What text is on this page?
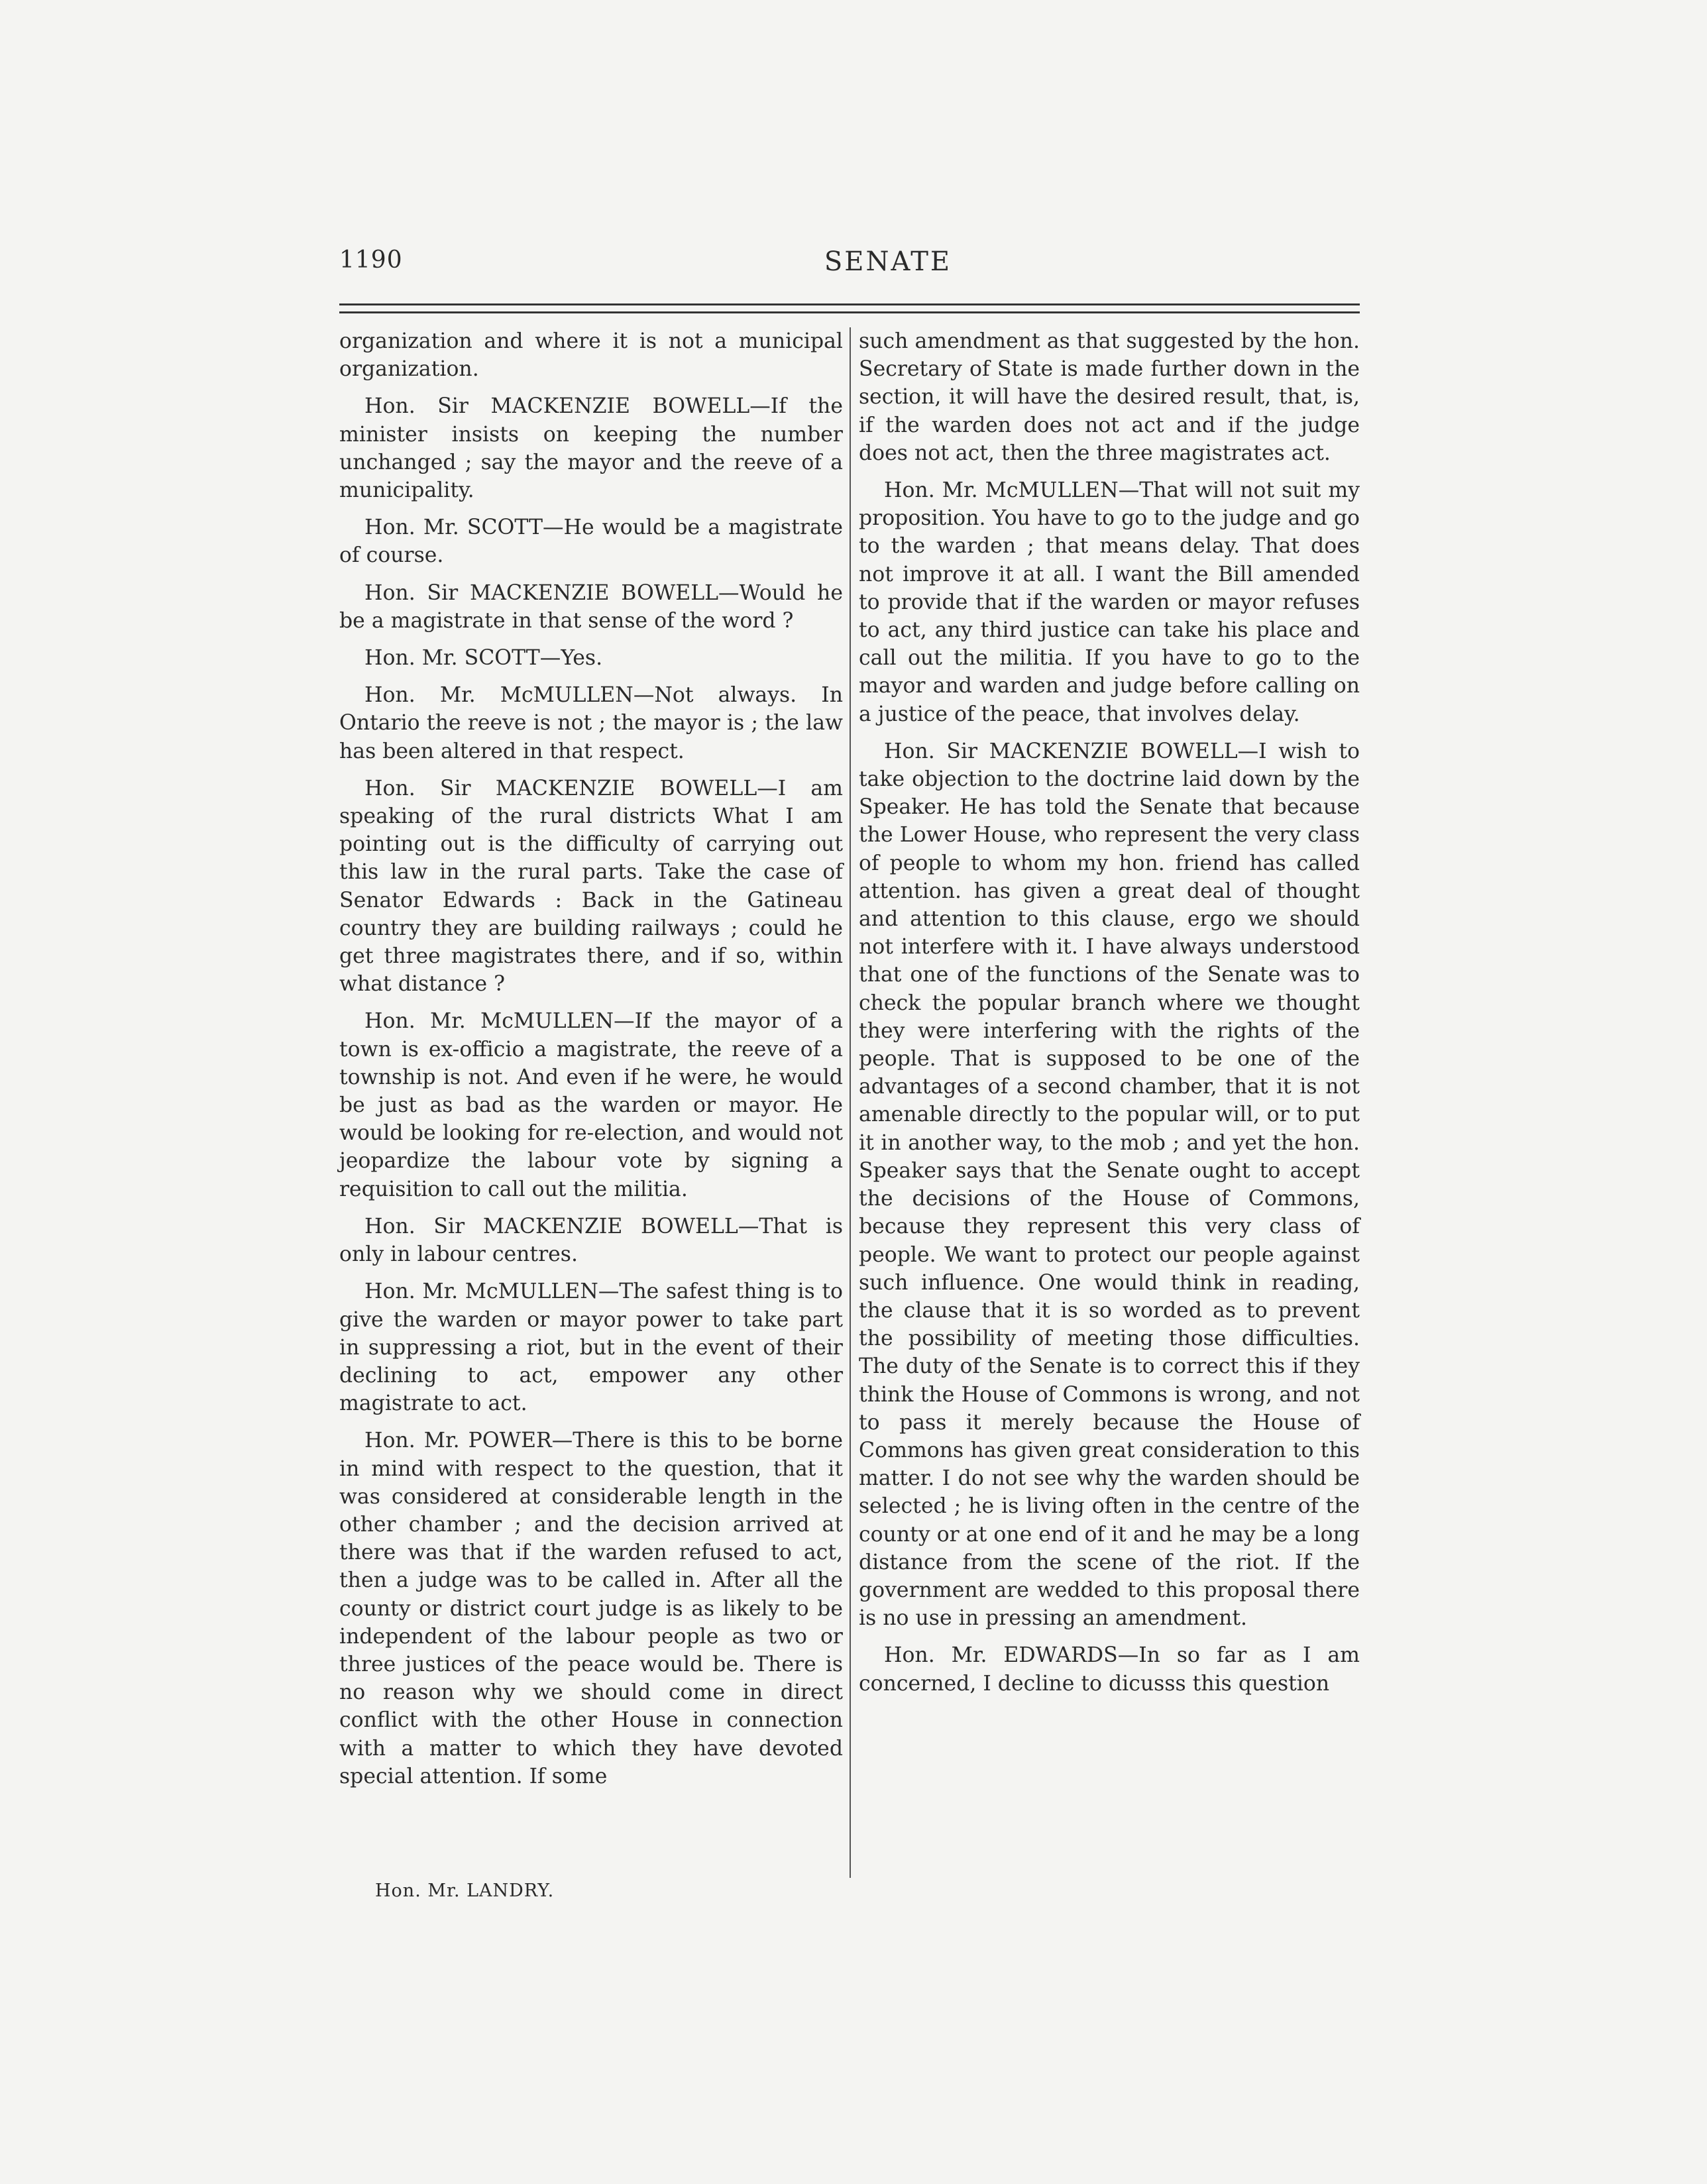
1190	SENATE

organization and where it is not a municipal organization.

Hon. Sir MACKENZIE BOWELL—If the minister insists on keeping the number unchanged ; say the mayor and the reeve of a municipality.

Hon. Mr. SCOTT—He would be a magistrate of course.

Hon. Sir MACKENZIE BOWELL—Would he be a magistrate in that sense of the word ?

Hon. Mr. SCOTT—Yes.

Hon. Mr. McMULLEN—Not always. In Ontario the reeve is not ; the mayor is ; the law has been altered in that respect.

Hon. Sir MACKENZIE BOWELL—I am speaking of the rural districts What I am pointing out is the difficulty of carrying out this law in the rural parts. Take the case of Senator Edwards : Back in the Gatineau country they are building railways ; could he get three magistrates there, and if so, within what distance ?

Hon. Mr. McMULLEN—If the mayor of a town is ex-officio a magistrate, the reeve of a township is not. And even if he were, he would be just as bad as the warden or mayor. He would be looking for re-election, and would not jeopardize the labour vote by signing a requisition to call out the militia.

Hon. Sir MACKENZIE BOWELL—That is only in labour centres.

Hon. Mr. McMULLEN—The safest thing is to give the warden or mayor power to take part in suppressing a riot, but in the event of their declining to act, empower any other magistrate to act.

Hon. Mr. POWER—There is this to be borne in mind with respect to the question, that it was considered at considerable length in the other chamber ; and the decision arrived at there was that if the warden refused to act, then a judge was to be called in. After all the county or district court judge is as likely to be independent of the labour people as two or three justices of the peace would be. There is no reason why we should come in direct conflict with the other House in connection with a matter to which they have devoted special attention. If some

such amendment as that suggested by the hon. Secretary of State is made further down in the section, it will have the desired result, that, is, if the warden does not act and if the judge does not act, then the three magistrates act.

Hon. Mr. McMULLEN—That will not suit my proposition. You have to go to the judge and go to the warden ; that means delay. That does not improve it at all. I want the Bill amended to provide that if the warden or mayor refuses to act, any third justice can take his place and call out the militia. If you have to go to the mayor and warden and judge before calling on a justice of the peace, that involves delay.

Hon. Sir MACKENZIE BOWELL—I wish to take objection to the doctrine laid down by the Speaker. He has told the Senate that because the Lower House, who represent the very class of people to whom my hon. friend has called attention. has given a great deal of thought and attention to this clause, ergo we should not interfere with it. I have always understood that one of the functions of the Senate was to check the popular branch where we thought they were interfering with the rights of the people. That is supposed to be one of the advantages of a second chamber, that it is not amenable directly to the popular will, or to put it in another way, to the mob ; and yet the hon. Speaker says that the Senate ought to accept the decisions of the House of Commons, because they represent this very class of people. We want to protect our people against such influence. One would think in reading, the clause that it is so worded as to prevent the possibility of meeting those difficulties. The duty of the Senate is to correct this if they think the House of Commons is wrong, and not to pass it merely because the House of Commons has given great consideration to this matter. I do not see why the warden should be selected ; he is living often in the centre of the county or at one end of it and he may be a long distance from the scene of the riot. If the government are wedded to this proposal there is no use in pressing an amendment.

Hon. Mr. EDWARDS—In so far as I am concerned, I decline to dicusss this question

Hon. Mr. LANDRY.
